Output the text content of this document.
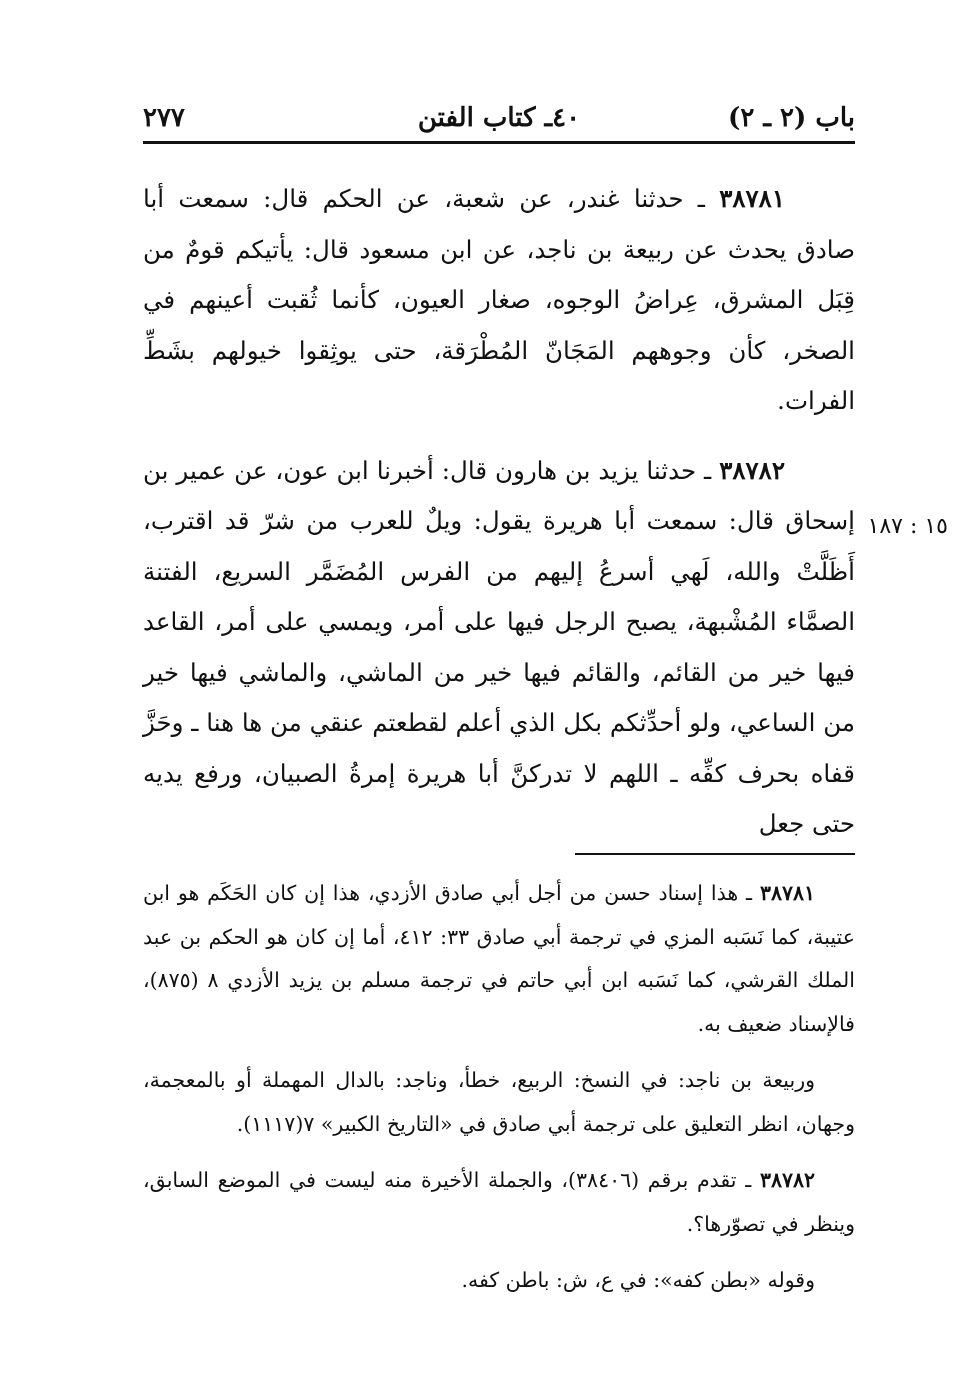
باب (٢ ـ ٢)
٤٠ـ كتاب الفتن
٢٧٧

٣٨٧٨١ ـ حدثنا غندر، عن شعبة، عن الحكم قال: سمعت أبا صادق يحدث عن ربيعة بن ناجد، عن ابن مسعود قال: يأتيكم قومٌ من قِبَل المشرق، عِراضُ الوجوه، صغار العيون، كأنما ثُقبت أعينهم في الصخر، كأن وجوههم المَجَانّ المُطْرَقة، حتى يوثِقوا خيولهم بشَطِّ الفرات.

٣٨٧٨٢ ـ حدثنا يزيد بن هارون قال: أخبرنا ابن عون، عن عمير بن إسحاق قال: سمعت أبا هريرة يقول: ويلٌ للعرب من شرّ قد اقترب، أَظَلَّتْ والله، لَهي أسرعُ إليهم من الفرس المُضَمَّر السريع، الفتنة الصمَّاء المُشْبهة، يصبح الرجل فيها على أمر، ويمسي على أمر، القاعد فيها خير من القائم، والقائم فيها خير من الماشي، والماشي فيها خير من الساعي، ولو أحدِّثكم بكل الذي أعلم لقطعتم عنقي من ها هنا ـ وحَزَّ قفاه بحرف كفِّه ـ اللهم لا تدركنَّ أبا هريرة إمرةُ الصبيان، ورفع يديه حتى جعل

١٥ : ١٨٧

٣٨٧٨١ ـ هذا إسناد حسن من أجل أبي صادق الأزدي، هذا إن كان الحَكَم هو ابن عتيبة، كما نَسَبه المزي في ترجمة أبي صادق ٣٣: ٤١٢، أما إن كان هو الحكم بن عبد الملك القرشي، كما نَسَبه ابن أبي حاتم في ترجمة مسلم بن يزيد الأزدي ٨ (٨٧٥)، فالإسناد ضعيف به.

وربيعة بن ناجد: في النسخ: الربيع، خطأ، وناجد: بالدال المهملة أو بالمعجمة، وجهان، انظر التعليق على ترجمة أبي صادق في «التاريخ الكبير» ٧(١١١٧).

٣٨٧٨٢ ـ تقدم برقم (٣٨٤٠٦)، والجملة الأخيرة منه ليست في الموضع السابق، وينظر في تصوّرها؟.

وقوله «بطن كفه»: في ع، ش: باطن كفه.
